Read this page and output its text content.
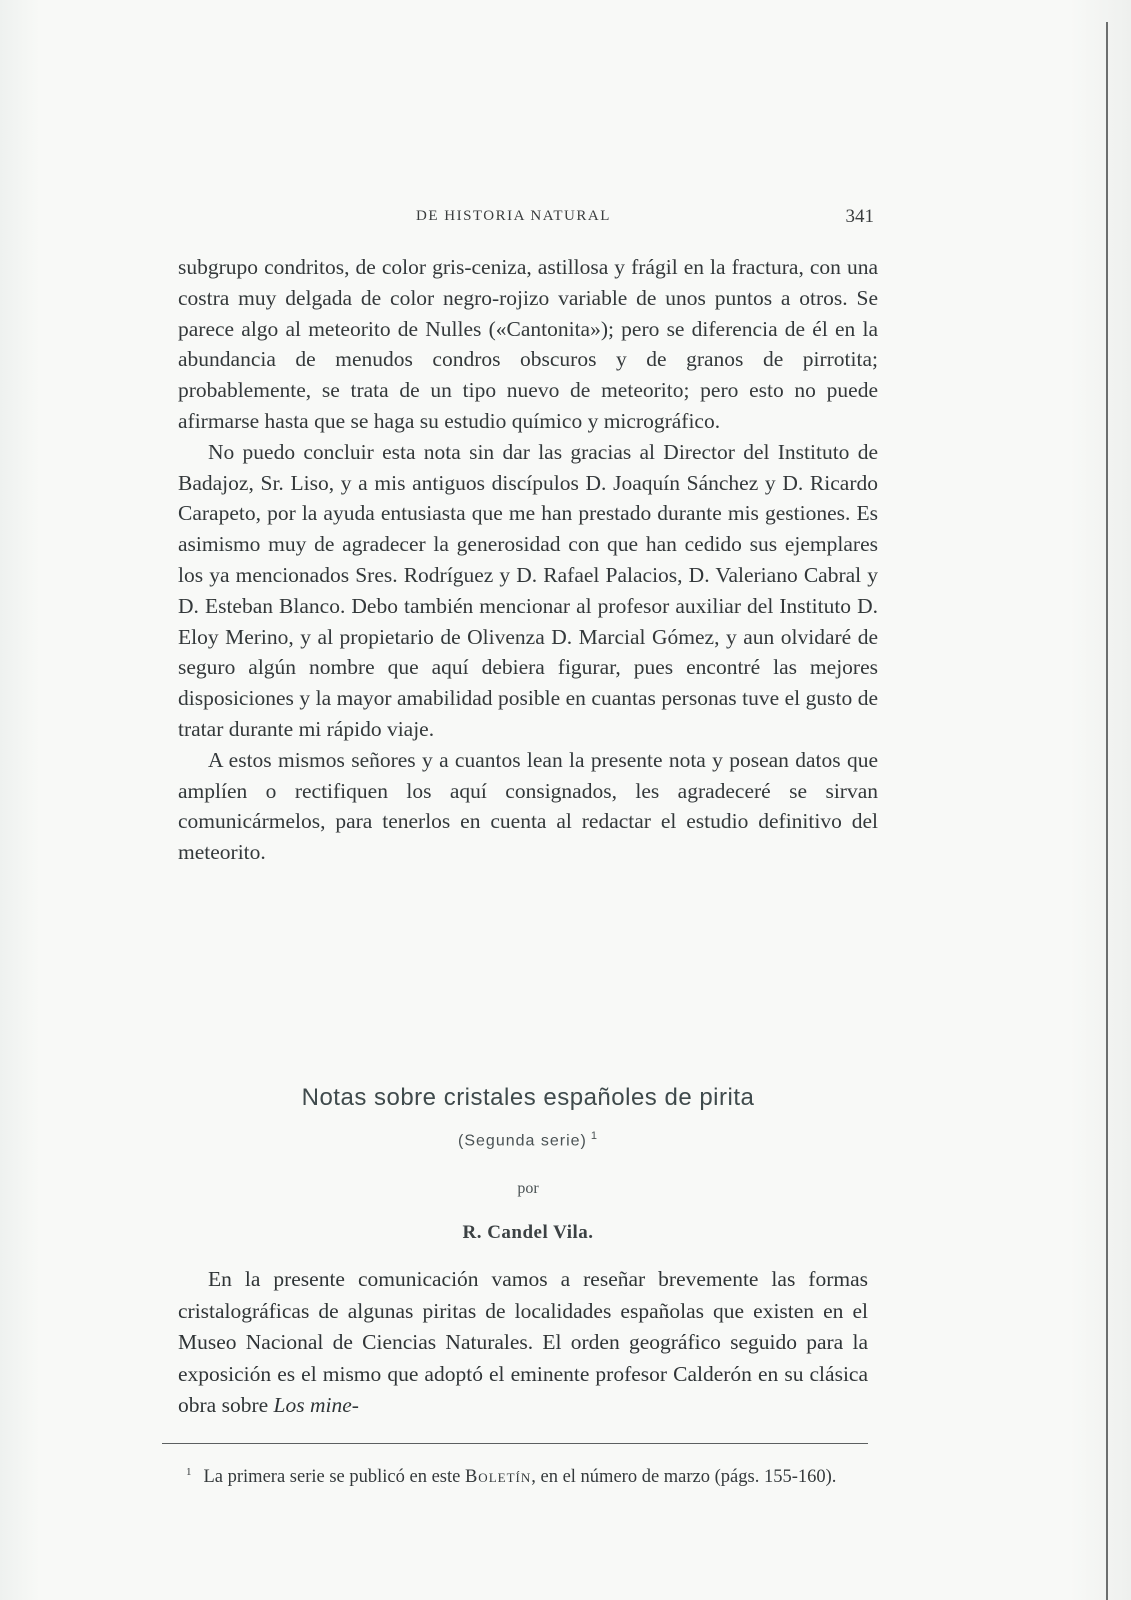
DE HISTORIA NATURAL	341

subgrupo condritos, de color gris-ceniza, astillosa y frágil en la fractura, con una costra muy delgada de color negro-rojizo variable de unos puntos a otros. Se parece algo al meteorito de Nulles («Cantonita»); pero se diferencia de él en la abundancia de menudos condros obscuros y de granos de pirrotita; probablemente, se trata de un tipo nuevo de meteorito; pero esto no puede afirmarse hasta que se haga su estudio químico y micrográfico.

No puedo concluir esta nota sin dar las gracias al Director del Instituto de Badajoz, Sr. Liso, y a mis antiguos discípulos D. Joaquín Sánchez y D. Ricardo Carapeto, por la ayuda entusiasta que me han prestado durante mis gestiones. Es asimismo muy de agradecer la generosidad con que han cedido sus ejemplares los ya mencionados Sres. Rodríguez y D. Rafael Palacios, D. Valeriano Cabral y D. Esteban Blanco. Debo también mencionar al profesor auxiliar del Instituto D. Eloy Merino, y al propietario de Olivenza D. Marcial Gómez, y aun olvidaré de seguro algún nombre que aquí debiera figurar, pues encontré las mejores disposiciones y la mayor amabilidad posible en cuantas personas tuve el gusto de tratar durante mi rápido viaje.

A estos mismos señores y a cuantos lean la presente nota y posean datos que amplíen o rectifiquen los aquí consignados, les agradeceré se sirvan comunicármelos, para tenerlos en cuenta al redactar el estudio definitivo del meteorito.

Notas sobre cristales españoles de pirita
(Segunda serie) $^1$
por
R. Candel Vila.

En la presente comunicación vamos a reseñar brevemente las formas cristalográficas de algunas piritas de localidades españolas que existen en el Museo Nacional de Ciencias Naturales. El orden geográfico seguido para la exposición es el mismo que adoptó el eminente profesor Calderón en su clásica obra sobre Los mine-

$^1$ La primera serie se publicó en este Boletín, en el número de marzo (págs. 155-160).
